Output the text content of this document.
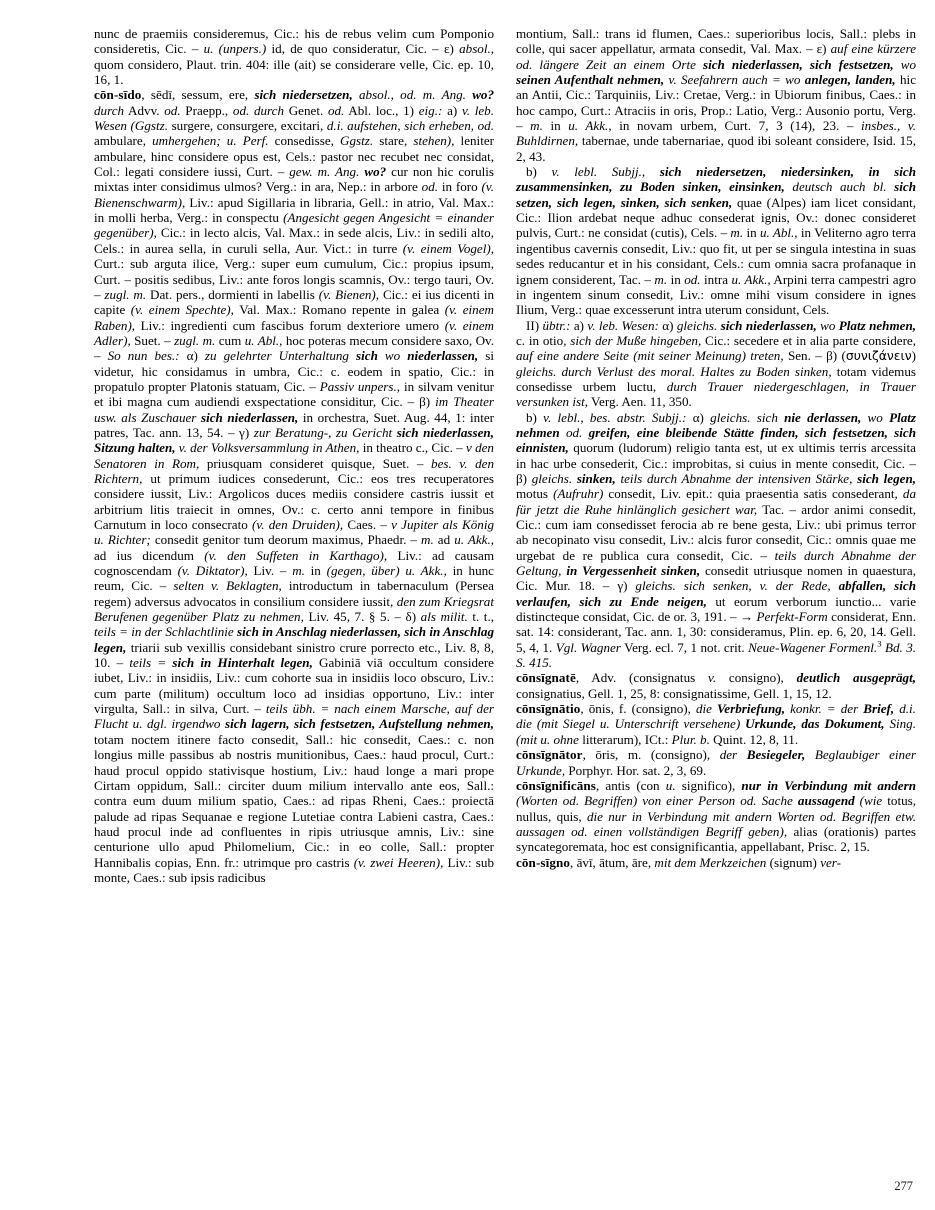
nunc de praemiis consideremus, Cic.: his de rebus velim cum Pomponio consideretis, Cic. – u. (unpers.) id, de quo consideratur, Cic. – ε) absol., quom considero, Plaut. trin. 404: ille (ait) se considerare velle, Cic. ep. 10, 16, 1.

cōn-sīdo, sēdī, sessum, ere, sich niedersetzen, absol., od. m. Ang. wo? durch Advv. od. Praepp., od. durch Genet. od. Abl. loc., 1) eig.: a) v. leb. Wesen (Ggstz. surgere, consurgere, excitari, d.i. aufstehen, sich erheben, od. ambulare, umhergehen; u. Perf. consedisse, Ggstz. stare, stehen), leniter ambulare, hinc considere opus est, Cels.: pastor nec recubet nec considat, Col.: legati considere iussi, Curt. – gew. m. Ang. wo? cur non hic corulis mixtas inter considimus ulmos? Verg.: in ara, Nep.: in arbore od. in foro (v. Bienenschwarm), Liv.: apud Sigillaria in libraria, Gell.: in atrio, Val. Max.: in molli herba, Verg.: in conspectu (Angesicht gegen Angesicht = einander gegenüber), Cic.: in lecto alcis, Val. Max.: in sede alcis, Liv.: in sedili alto, Cels.: in aurea sella, in curuli sella, Aur. Vict.: in turre (v. einem Vogel), Curt.: sub arguta ilice, Verg.: super eum cumulum, Cic.: propius ipsum, Curt. – positis sedibus, Liv.: ante foros longis scamnis, Ov.: tergo tauri, Ov. – zugl. m. Dat. pers., dormienti in labellis (v. Bienen), Cic.: ei ius dicenti in capite (v. einem Spechte), Val. Max.: Romano repente in galea (v. einem Raben), Liv.: ingredienti cum fascibus forum dexteriore umero (v. einem Adler), Suet. – zugl. m. cum u. Abl., hoc poteras mecum considere saxo, Ov. – So nun bes.: α) zu gelehrter Unterhaltung sich wo niederlassen, si videtur, hic considamus in umbra, Cic.: c. eodem in spatio, Cic.: in propatulo propter Platonis statuam, Cic. – Passiv unpers., in silvam venitur et ibi magna cum audiendi exspectatione considitur, Cic. – β) im Theater usw. als Zuschauer sich niederlassen, in orchestra, Suet. Aug. 44, 1: inter patres, Tac. ann. 13, 54. – γ) zur Beratung-, zu Gericht sich niederlassen, Sitzung halten, v. der Volksversammlung in Athen, in theatro c., Cic. – v den Senatoren in Rom, priusquam consideret quisque, Suet. – bes. v. den Richtern, ut primum iudices consederunt, Cic.: eos tres recuperatores considere iussit, Liv.: Argolicos duces mediis considere castris iussit et arbitrium litis traiecit in omnes, Ov.: c. certo anni tempore in finibus Carnutum in loco consecrato (v. den Druiden), Caes. – v Jupiter als König u. Richter; consedit genitor tum deorum maximus, Phaedr. – m. ad u. Akk., ad ius dicendum (v. den Suffeten in Karthago), Liv.: ad causam cognoscendam (v. Diktator), Liv. – m. in (gegen, über) u. Akk., in hunc reum, Cic. – selten v. Beklagten, introductum in tabernaculum (Persea regem) adversus advocatos in consilium considere iussit, den zum Kriegsrat Berufenen gegenüber Platz zu nehmen, Liv. 45, 7. § 5. – δ) als milit. t. t., teils = in der Schlachtlinie sich in Anschlag niederlassen, sich in Anschlag legen, triarii sub vexillis considebant sinistro crure porrecto etc., Liv. 8, 8, 10. – teils = sich in Hinterhalt legen, Gabiniā viā occultum considere iubet, Liv.: in insidiis, Liv.: cum cohorte sua in insidiis loco obscuro, Liv.: cum parte (militum) occultum loco ad insidias opportuno, Liv.: inter virgulta, Sall.: in silva, Curt. – teils übh. = nach einem Marsche, auf der Flucht u. dgl. irgendwo sich lagern, sich festsetzen, Aufstellung nehmen, totam noctem itinere facto consedit, Sall.: hic consedit, Caes.: c. non longius mille passibus ab nostris munitionibus, Caes.: haud procul, Curt.: haud procul oppido stativisque hostium, Liv.: haud longe a mari prope Cirtam oppidum, Sall.: circiter duum milium intervallo ante eos, Sall.: contra eum duum milium spatio, Caes.: ad ripas Rheni, Caes.: proiectā palude ad ripas Sequanae e regione Lutetiae contra Labieni castra, Caes.: haud procul inde ad confluentes in ripis utriusque amnis, Liv.: sine centurione ullo apud Philomelium, Cic.: in eo colle, Sall.: propter Hannibalis copias, Enn. fr.: utrimque pro castris (v. zwei Heeren), Liv.: sub monte, Caes.: sub ipsis radicibus

montium, Sall.: trans id flumen, Caes.: superioribus locis, Sall.: plebs in colle, qui sacer appellatur, armata consedit, Val. Max. – ε) auf eine kürzere od. längere Zeit an einem Orte sich niederlassen, sich festsetzen, wo seinen Aufenthalt nehmen, v. Seefahrern auch = wo anlegen, landen, hic an Antii, Cic.: Tarquiniis, Liv.: Cretae, Verg.: in Ubiorum finibus, Caes.: in hoc campo, Curt.: Atraciis in oris, Prop.: Latio, Verg.: Ausonio portu, Verg. – m. in u. Akk., in novam urbem, Curt. 7, 3 (14), 23. – insbes., v. Buhldirnen, tabernae, unde tabernariae, quod ibi soleant considere, Isid. 15, 2, 43.

b) v. lebl. Subjj., sich niedersetzen, niedersinken, in sich zusammensinken, zu Boden sinken, einsinken, deutsch auch bl. sich setzen, sich legen, sinken, sich senken, quae (Alpes) iam licet considant, Cic.: Ilion ardebat neque adhuc consederat ignis, Ov.: donec consideret pulvis, Curt.: ne considat (cutis), Cels. – m. in u. Abl., in Veliterno agro terra ingentibus cavernis consedit, Liv.: quo fit, ut per se singula intestina in suas sedes reducantur et in his considant, Cels.: cum omnia sacra profanaque in ignem considerent, Tac. – m. in od. intra u. Akk., Arpini terra campestri agro in ingentem sinum consedit, Liv.: omne mihi visum considere in ignes Ilium, Verg.: quae excesserunt intra uterum considunt, Cels.

II) übtr.: a) v. leb. Wesen: α) gleichs. sich niederlassen, wo Platz nehmen, c. in otio, sich der Muße hingeben, Cic.: secedere et in alia parte considere, auf eine andere Seite (mit seiner Meinung) treten, Sen. – β) (συνιζάνειν) gleichs. durch Verlust des moral. Haltes zu Boden sinken, totam videmus consedisse urbem luctu, durch Trauer niedergeschlagen, in Trauer versunken ist, Verg. Aen. 11, 350.

b) v. lebl., bes. abstr. Subjj.: α) gleichs. sich nie derlassen, wo Platz nehmen od. greifen, eine bleibende Stätte finden, sich festsetzen, sich einnisten, quorum (ludorum) religio tanta est, ut ex ultimis terris arcessita in hac urbe consederit, Cic.: improbitas, si cuius in mente consedit, Cic. – β) gleichs. sinken, teils durch Abnahme der intensiven Stärke, sich legen, motus (Aufruhr) consedit, Liv. epit.: quia praesentia satis consederant, da für jetzt die Ruhe hinlänglich gesichert war, Tac. – ardor animi consedit, Cic.: cum iam consedisset ferocia ab re bene gesta, Liv.: ubi primus terror ab necopinato visu consedit, Liv.: alcis furor consedit, Cic.: omnis quae me urgebat de re publica cura consedit, Cic. – teils durch Abnahme der Geltung, in Vergessenheit sinken, consedit utriusque nomen in quaestura, Cic. Mur. 18. – γ) gleichs. sich senken, v. der Rede, abfallen, sich verlaufen, sich zu Ende neigen, ut eorum verborum iunctio... varie distincteque considat, Cic. de or. 3, 191. – → Perfekt-Form considerat, Enn. sat. 14: considerant, Tac. ann. 1, 30: consideramus, Plin. ep. 6, 20, 14. Gell. 5, 4, 1. Vgl. Wagner Verg. ecl. 7, 1 not. crit. Neue-Wagener Formenl.$^3$ Bd. 3. S. 415.

cōnsīgnatē, Adv. (consignatus v. consigno), deutlich ausgeprägt, consignatius, Gell. 1, 25, 8: consignatissime, Gell. 1, 15, 12.

cōnsīgnātio, ōnis, f. (consigno), die Verbriefung, konkr. = der Brief, d.i. die (mit Siegel u. Unterschrift versehene) Urkunde, das Dokument, Sing. (mit u. ohne litterarum), ICt.: Plur. b. Quint. 12, 8, 11.

cōnsīgnātor, ōris, m. (consigno), der Besiegeler, Beglaubiger einer Urkunde, Porphyr. Hor. sat. 2, 3, 69.

cōnsīgnificāns, antis (con u. significo), nur in Verbindung mit andern (Worten od. Begriffen) von einer Person od. Sache aussagend (wie totus, nullus, quis, die nur in Verbindung mit andern Worten od. Begriffen etw. aussagen od. einen vollständigen Begriff geben), alias (orationis) partes syncategoremata, hoc est consignificantia, appellabant, Prisc. 2, 15.

cōn-sīgno, āvī, ātum, āre, mit dem Merkzeichen (signum) ver-

277
